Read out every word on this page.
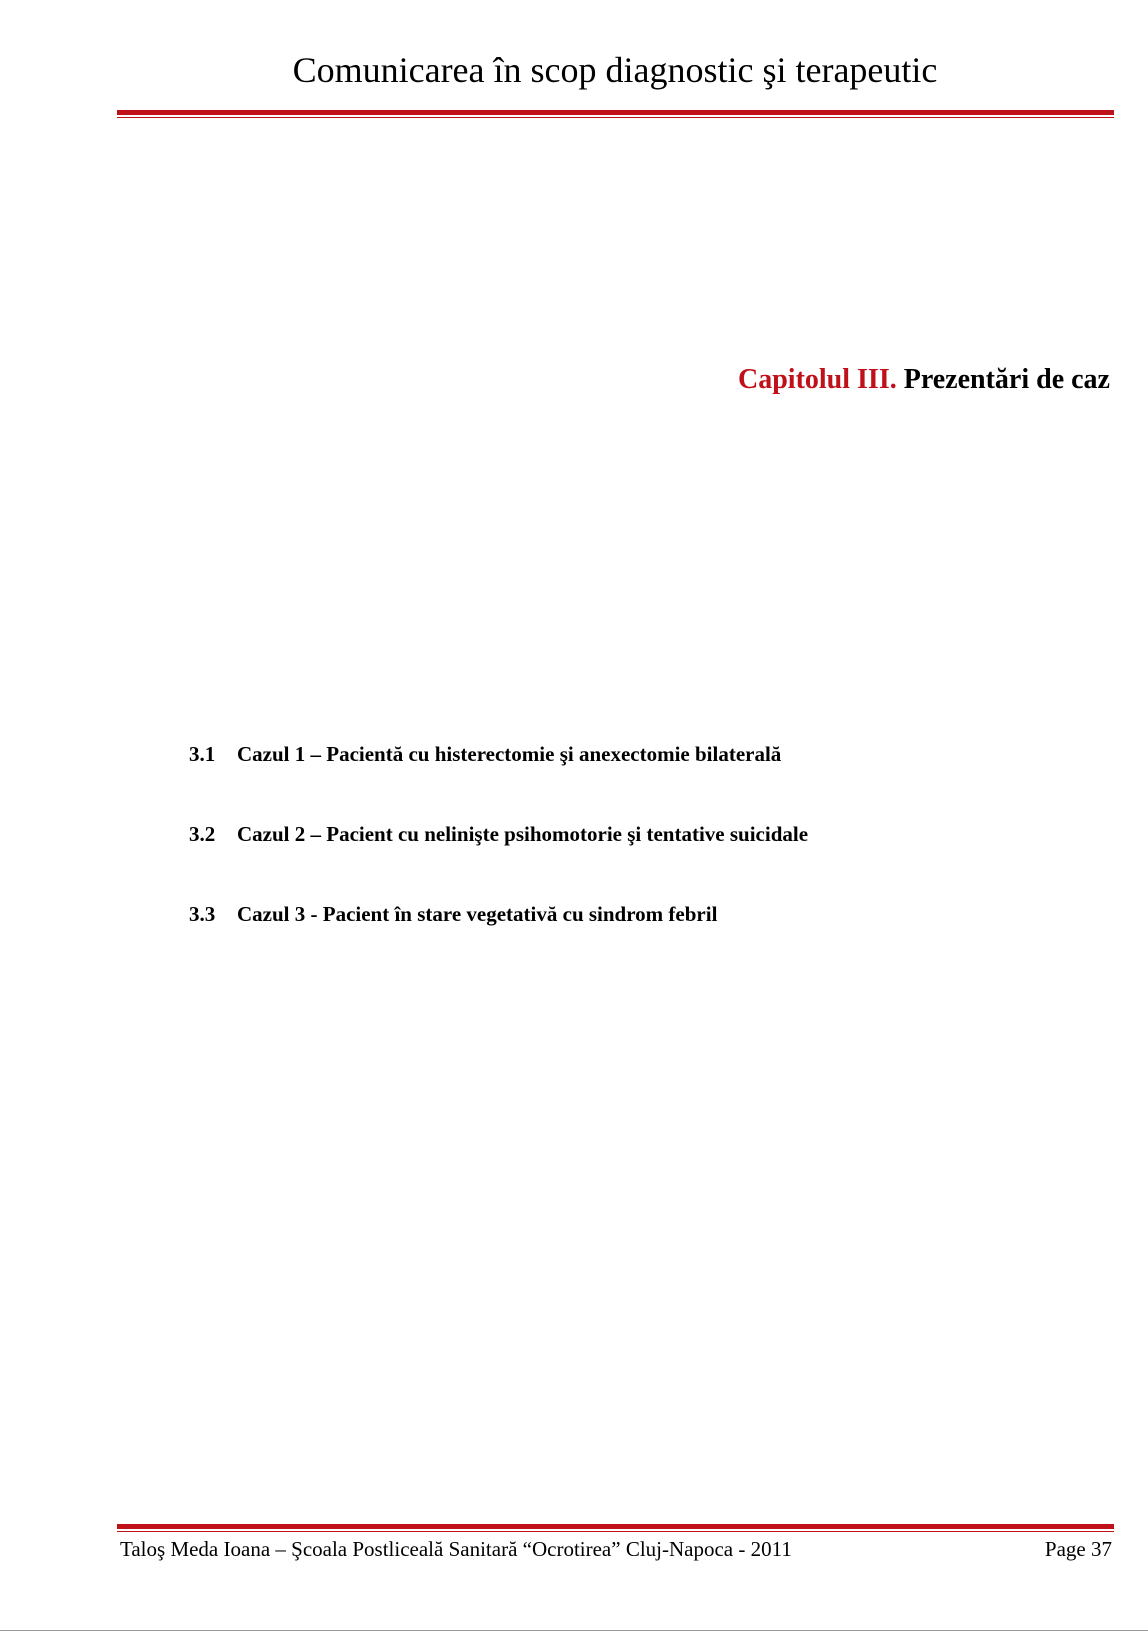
Comunicarea în scop diagnostic şi terapeutic
Capitolul III. Prezentări de caz
3.1 Cazul 1 – Pacientă cu histerectomie şi anexectomie bilaterală
3.2 Cazul 2 – Pacient cu nelinişte psihomotorie şi tentative suicidale
3.3 Cazul 3 - Pacient în stare vegetativă cu sindrom febril
Taloş Meda Ioana – Şcoala Postliceală Sanitară “Ocrotirea” Cluj-Napoca - 2011	Page 37
